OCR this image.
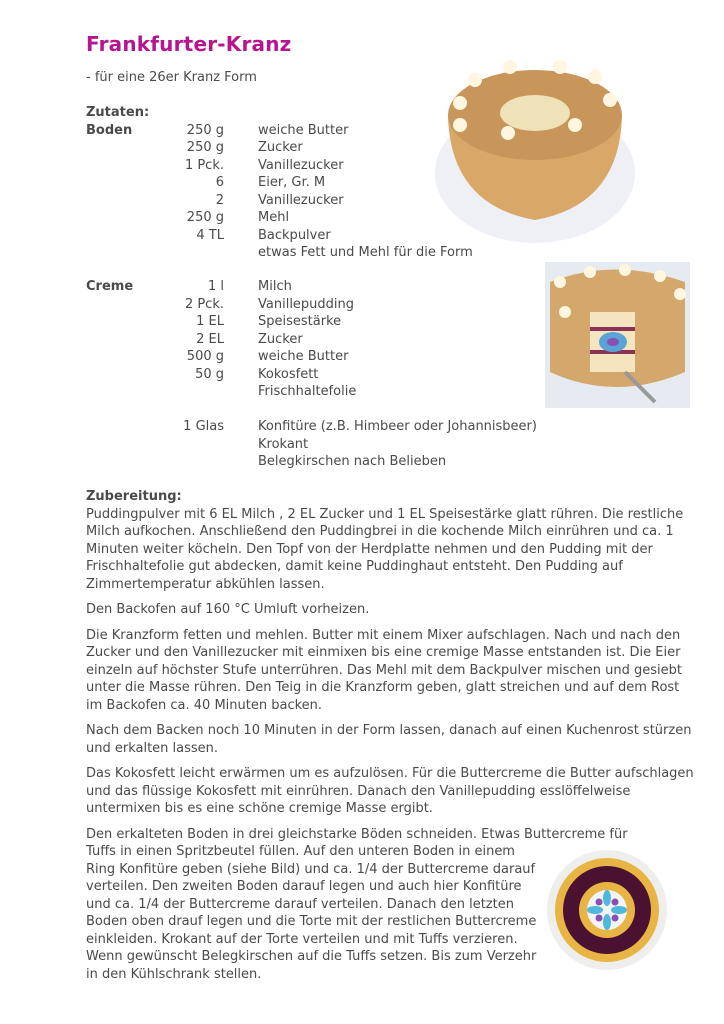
Frankfurter-Kranz
- für eine 26er Kranz Form
Zutaten:
Boden	250 g	weiche Butter
250 g	Zucker
1 Pck.	Vanillezucker
6	Eier, Gr. M
2	Vanillezucker
250 g	Mehl
4 TL	Backpulver
etwas Fett und Mehl für die Form
Creme	1 l	Milch
2 Pck.	Vanillepudding
1 EL	Speisestärke
2 EL	Zucker
500 g	weiche Butter
50 g	Kokosfett
Frischhaltefolie
1 Glas	Konfitüre (z.B. Himbeer oder Johannisbeer)
Krokant
Belegkirschen nach Belieben
Zubereitung:

Puddingpulver mit 6 EL Milch , 2 EL Zucker und 1 EL Speisestärke glatt rühren. Die restliche Milch aufkochen. Anschließend den Puddingbrei in die kochende Milch einrühren und ca. 1 Minuten weiter köcheln. Den Topf von der Herdplatte nehmen und den Pudding mit der Frischhaltefolie gut abdecken, damit keine Puddinghaut entsteht. Den Pudding auf Zimmertemperatur abkühlen lassen.

Den Backofen auf 160 °C Umluft vorheizen.

Die Kranzform fetten und mehlen. Butter mit einem Mixer aufschlagen. Nach und nach den Zucker und den Vanillezucker mit einmixen bis eine cremige Masse entstanden ist. Die Eier einzeln auf höchster Stufe unterrühren. Das Mehl mit dem Backpulver mischen und gesiebt unter die Masse rühren. Den Teig in die Kranzform geben, glatt streichen und auf dem Rost im Backofen ca. 40 Minuten backen.

Nach dem Backen noch 10 Minuten in der Form lassen, danach auf einen Kuchenrost stürzen und erkalten lassen.

Das Kokosfett leicht erwärmen um es aufzulösen. Für die Buttercreme die Butter aufschlagen und das flüssige Kokosfett mit einrühren. Danach den Vanillepudding esslöffelweise untermixen bis es eine schöne cremige Masse ergibt.

Den erkalteten Boden in drei gleichstarke Böden schneiden. Etwas Buttercreme für
Tuffs in einen Spritzbeutel füllen. Auf den unteren Boden in einem Ring Konfitüre geben (siehe Bild) und ca. 1/4 der Buttercreme darauf verteilen. Den zweiten Boden darauf legen und auch hier Konfitüre und ca. 1/4 der Buttercreme darauf verteilen. Danach den letzten Boden oben drauf legen und die Torte mit der restlichen Buttercreme einkleiden. Krokant auf der Torte verteilen und mit Tuffs verzieren. Wenn gewünscht Belegkirschen auf die Tuffs setzen. Bis zum Verzehr in den Kühlschrank stellen.
